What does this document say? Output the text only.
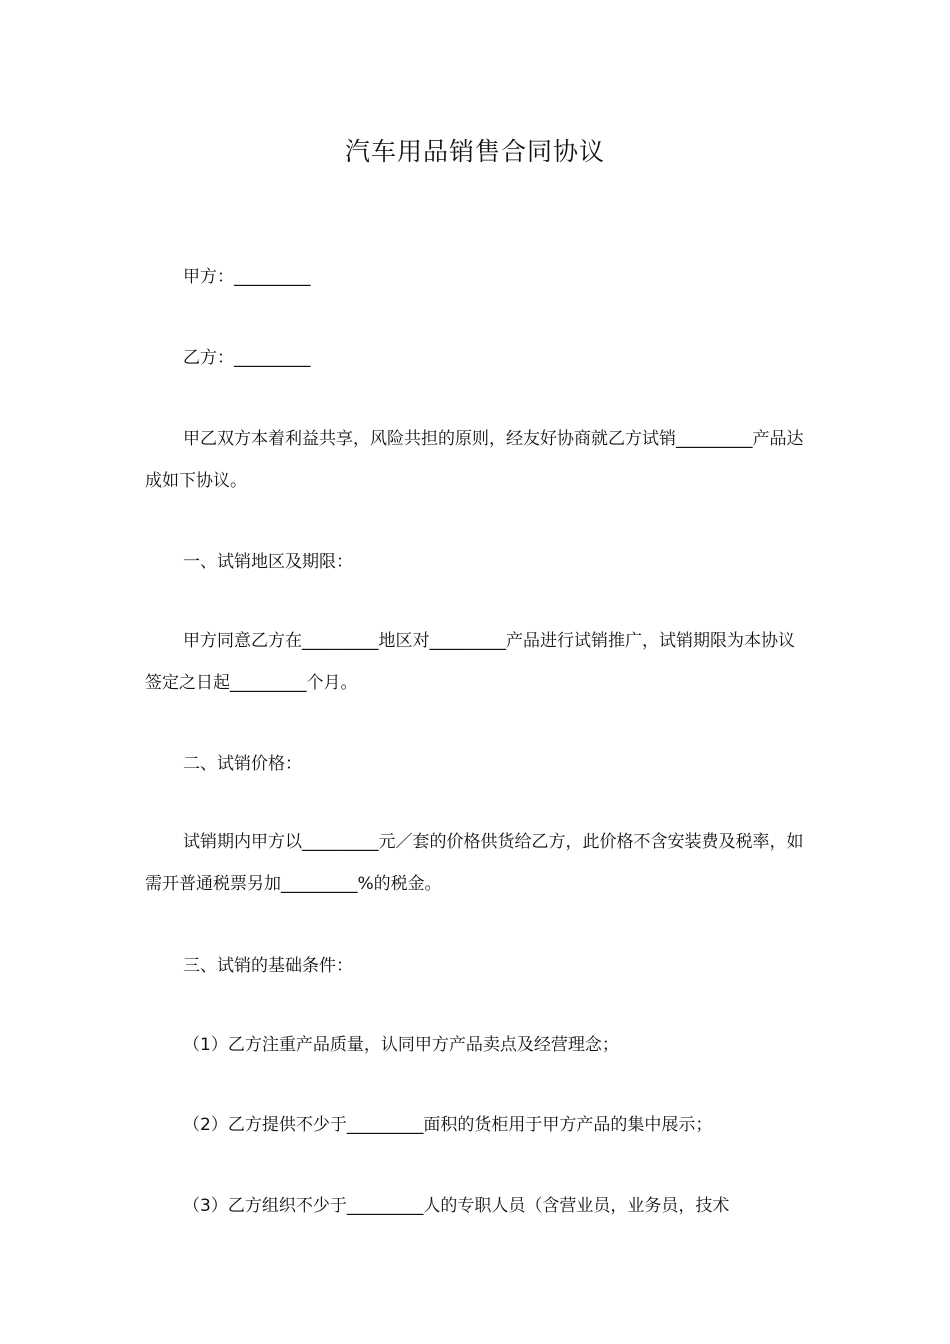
汽车用品销售合同协议
甲方：_________
乙方：_________
甲乙双方本着利益共享，风险共担的原则，经友好协商就乙方试销_________产品达成如下协议。
一、试销地区及期限：
甲方同意乙方在_________地区对_________产品进行试销推广，试销期限为本协议签定之日起_________个月。
二、试销价格：
试销期内甲方以_________元／套的价格供货给乙方，此价格不含安装费及税率，如需开普通税票另加_________%的税金。
三、试销的基础条件：
（1）乙方注重产品质量，认同甲方产品卖点及经营理念；
（2）乙方提供不少于_________面积的货柜用于甲方产品的集中展示；
（3）乙方组织不少于_________人的专职人员（含营业员，业务员，技术
